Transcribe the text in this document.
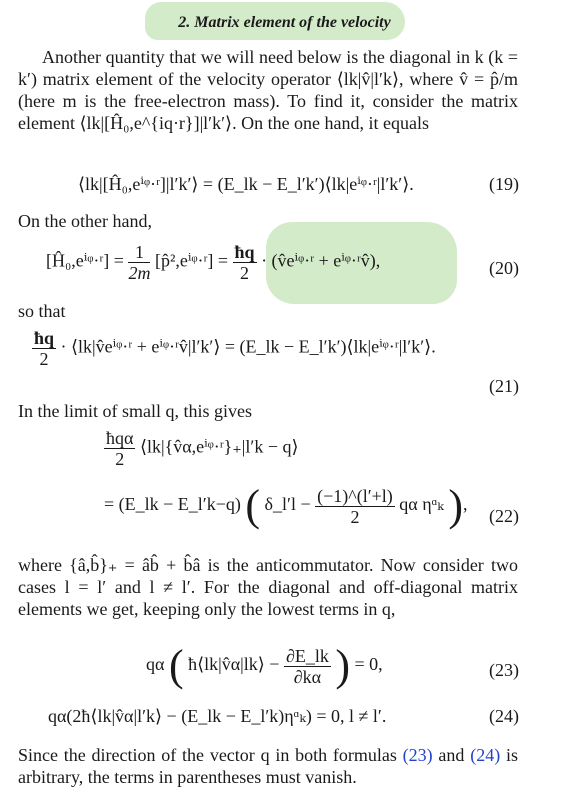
2. Matrix element of the velocity
Another quantity that we will need below is the diagonal in k (k = k′) matrix element of the velocity operator ⟨lk|v̂|l′k⟩, where v̂ = p̂/m (here m is the free-electron mass). To find it, consider the matrix element ⟨lk|[Ĥ₀,e^{iq·r}]|l′k′⟩. On the one hand, it equals
⟨lk|[Ĥ₀,eⁱᵠ·ʳ]|l′k′⟩ = (E_lk − E_l′k′)⟨lk|eⁱᵠ·ʳ|l′k′⟩.	(19)
On the other hand,
[Ĥ₀,eⁱᵠ·ʳ] = $\frac{1}{2m}$ [p̂²,eⁱᵠ·ʳ] = $\frac{ħq}{2}$ · (v̂eⁱᵠ·ʳ + eⁱᵠ·ʳv̂),	(20)
so that
$\frac{ħq}{2}$ · ⟨lk|v̂eⁱᵠ·ʳ + eⁱᵠ·ʳv̂|l′k′⟩ = (E_lk − E_l′k′)⟨lk|eⁱᵠ·ʳ|l′k′⟩.
(21)
In the limit of small q, this gives
$\frac{\text{ħqα}}{2}$ ⟨lk|{v̂α,eⁱᵠ·ʳ}₊|l′k − q⟩
= (E_lk − E_l′k−q) ( δ_l′l − $\frac{(-1)\^{}(l'+l)}{2}$ qα ηᵅₖ ),
(22)
where {â,b̂}₊ = âb̂ + b̂â is the anticommutator. Now consider two cases l = l′ and l ≠ l′. For the diagonal and off-diagonal matrix elements we get, keeping only the lowest terms in q,
qα ( ħ⟨lk|v̂α|lk⟩ − $\frac{\partial E\_lk}{\partial k\alpha}$ ) = 0,	(23)
qα(2ħ⟨lk|v̂α|l′k⟩ − (E_lk − E_l′k)ηᵅₖ) = 0, l ≠ l′.	(24)
Since the direction of the vector q in both formulas (23) and (24) is arbitrary, the terms in parentheses must vanish.
